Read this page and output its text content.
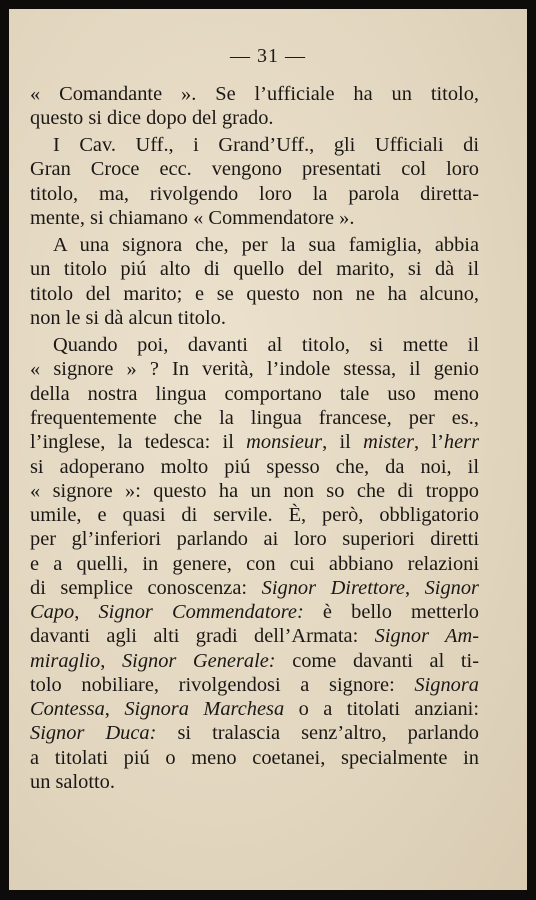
— 31 —
« Comandante ». Se l’ufficiale ha un titolo,
questo si dice dopo del grado.
I Cav. Uff., i Grand’Uff., gli Ufficiali di
Gran Croce ecc. vengono presentati col loro
titolo, ma, rivolgendo loro la parola diretta-
mente, si chiamano « Commendatore ».
A una signora che, per la sua famiglia, abbia
un titolo piú alto di quello del marito, si dà il
titolo del marito; e se questo non ne ha alcuno,
non le si dà alcun titolo.
Quando poi, davanti al titolo, si mette il
« signore » ? In verità, l’indole stessa, il genio
della nostra lingua comportano tale uso meno
frequentemente che la lingua francese, per es.,
l’inglese, la tedesca: il monsieur, il mister, l’herr
si adoperano molto piú spesso che, da noi, il
« signore »: questo ha un non so che di troppo
umile, e quasi di servile. È, però, obbligatorio
per gl’inferiori parlando ai loro superiori diretti
e a quelli, in genere, con cui abbiano relazioni
di semplice conoscenza: Signor Direttore, Signor
Capo, Signor Commendatore: è bello metterlo
davanti agli alti gradi dell’Armata: Signor Am-
miraglio, Signor Generale: come davanti al ti-
tolo nobiliare, rivolgendosi a signore: Signora
Contessa, Signora Marchesa o a titolati anziani:
Signor Duca: si tralascia senz’altro, parlando
a titolati piú o meno coetanei, specialmente in
un salotto.
